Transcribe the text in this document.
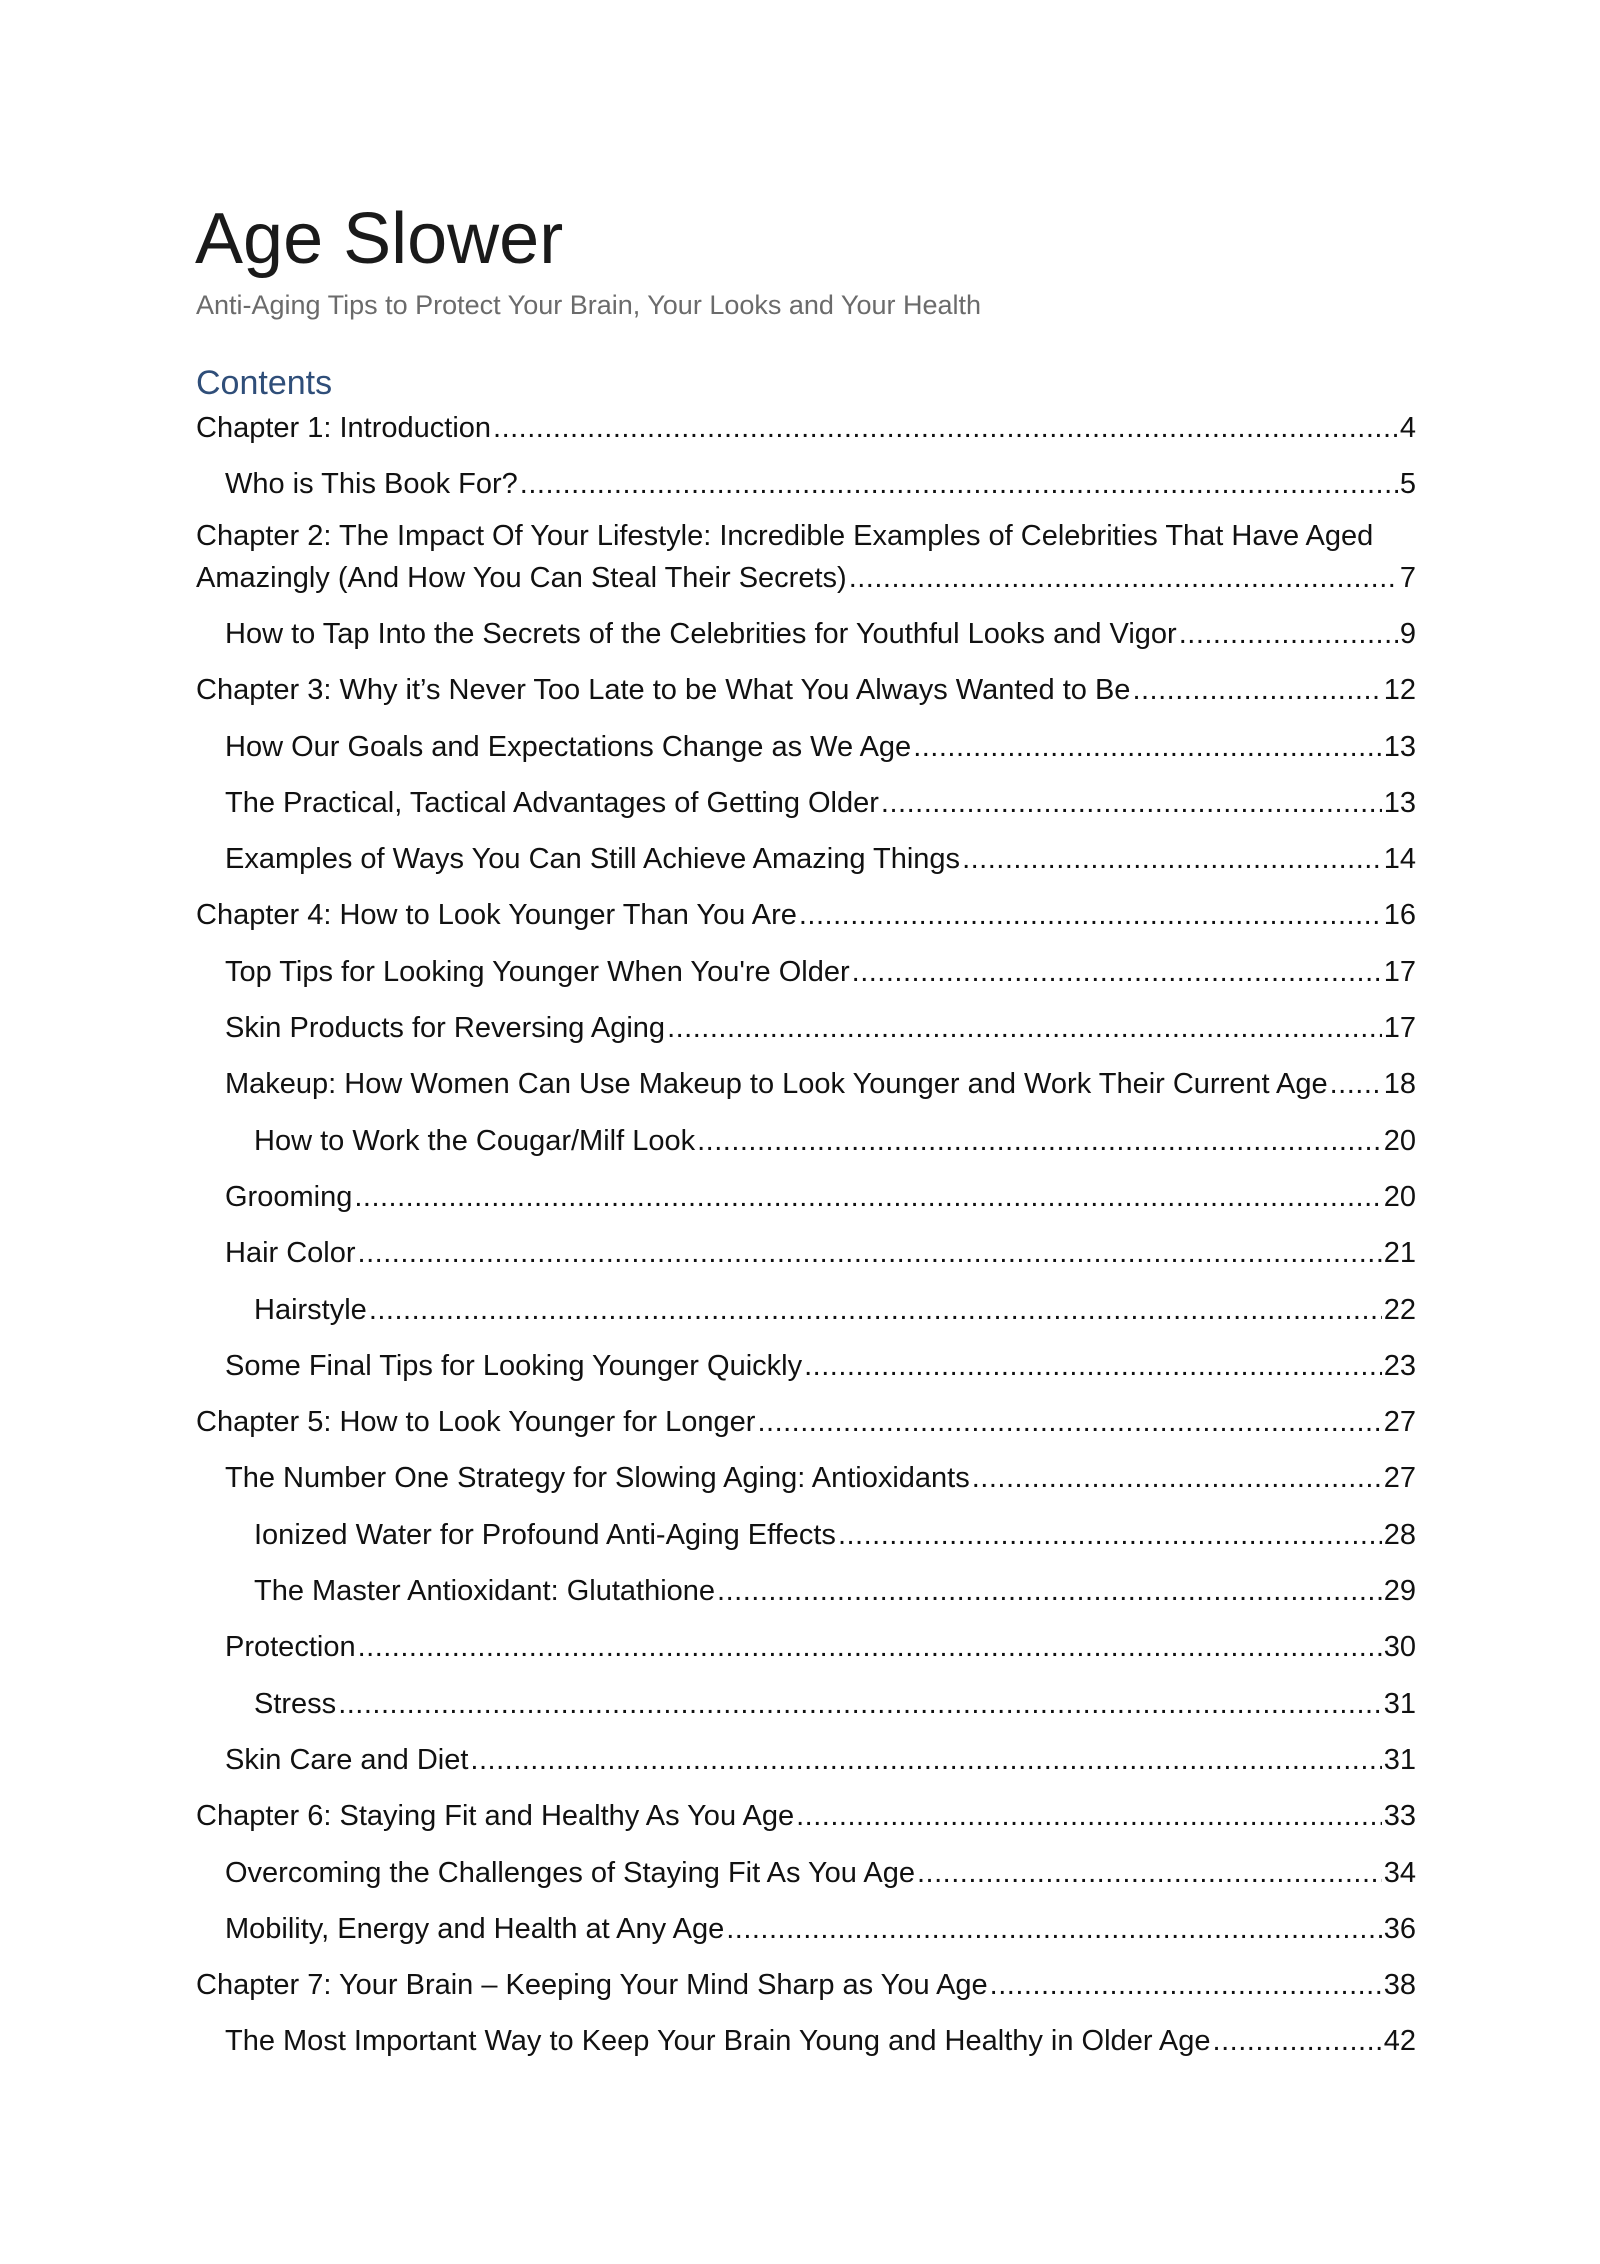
Age Slower
Anti-Aging Tips to Protect Your Brain, Your Looks and Your Health
Contents
Chapter 1: Introduction .....	4
Who is This Book For? .....	5
Chapter 2: The Impact Of Your Lifestyle: Incredible Examples of Celebrities That Have Aged
Amazingly (And How You Can Steal Their Secrets) .....	7
How to Tap Into the Secrets of the Celebrities for Youthful Looks and Vigor .....	9
Chapter 3: Why it’s Never Too Late to be What You Always Wanted to Be .....	12
How Our Goals and Expectations Change as We Age .....	13
The Practical, Tactical Advantages of Getting Older .....	13
Examples of Ways You Can Still Achieve Amazing Things .....	14
Chapter 4: How to Look Younger Than You Are .....	16
Top Tips for Looking Younger When You're Older .....	17
Skin Products for Reversing Aging .....	17
Makeup: How Women Can Use Makeup to Look Younger and Work Their Current Age ..... 18
How to Work the Cougar/Milf Look .....	20
Grooming .....	20
Hair Color .....	21
Hairstyle .....	22
Some Final Tips for Looking Younger Quickly .....	23
Chapter 5: How to Look Younger for Longer .....	27
The Number One Strategy for Slowing Aging: Antioxidants .....	27
Ionized Water for Profound Anti-Aging Effects .....	28
The Master Antioxidant: Glutathione .....	29
Protection .....	30
Stress .....	31
Skin Care and Diet .....	31
Chapter 6: Staying Fit and Healthy As You Age .....	33
Overcoming the Challenges of Staying Fit As You Age .....	34
Mobility, Energy and Health at Any Age .....	36
Chapter 7: Your Brain – Keeping Your Mind Sharp as You Age .....	38
The Most Important Way to Keep Your Brain Young and Healthy in Older Age .....	42
